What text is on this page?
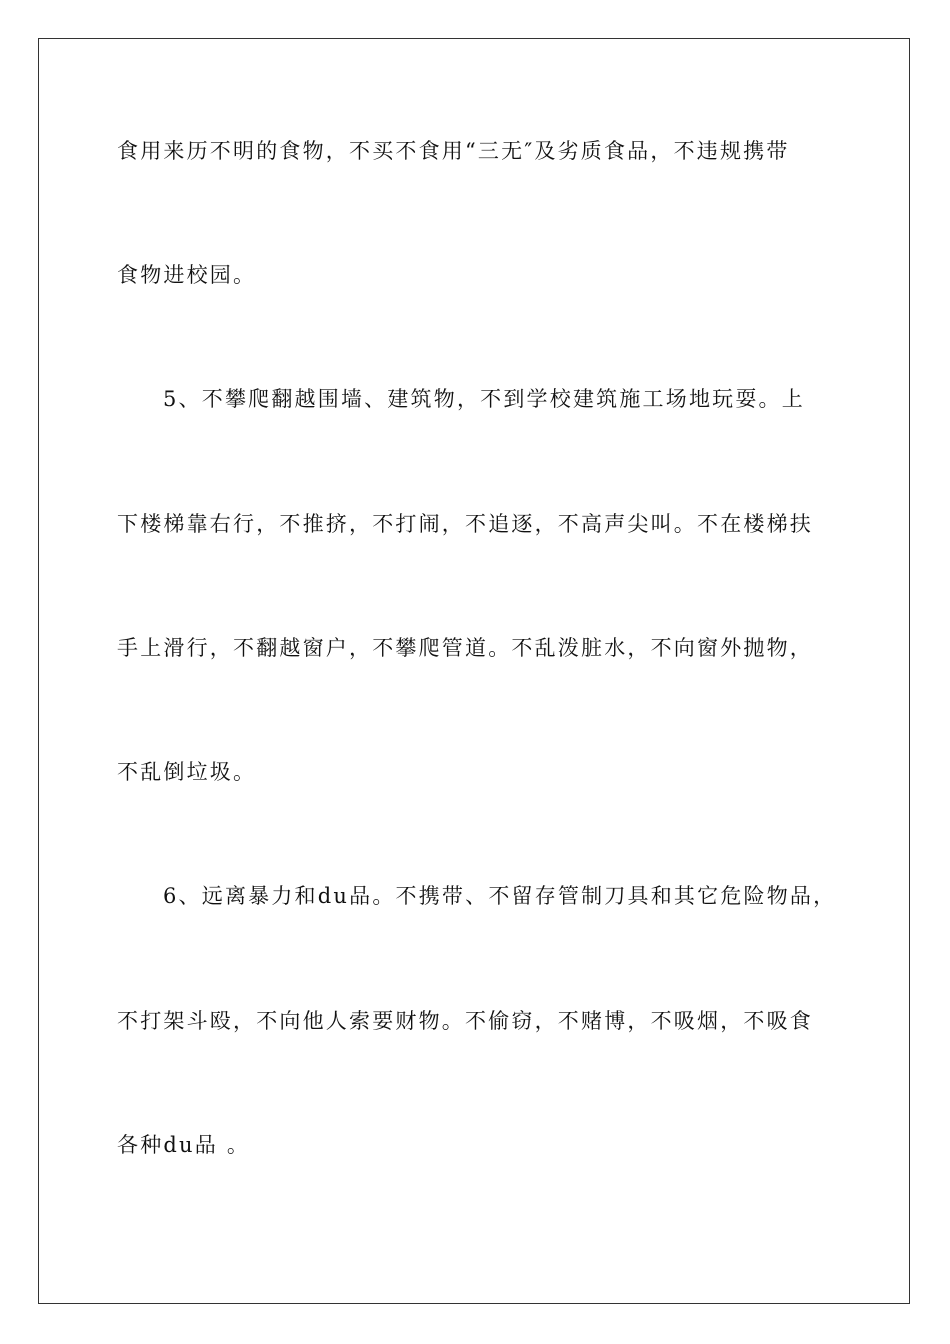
食用来历不明的食物，不买不食用“三无″及劣质食品，不违规携带
食物进校园。
5、不攀爬翻越围墙、建筑物，不到学校建筑施工场地玩耍。上
下楼梯靠右行，不推挤，不打闹，不追逐，不高声尖叫。不在楼梯扶
手上滑行，不翻越窗户，不攀爬管道。不乱泼脏水，不向窗外抛物，
不乱倒垃圾。
6、远离暴力和du品。不携带、不留存管制刀具和其它危险物品，
不打架斗殴，不向他人索要财物。不偷窃，不赌博，不吸烟，不吸食
各种du品 。
